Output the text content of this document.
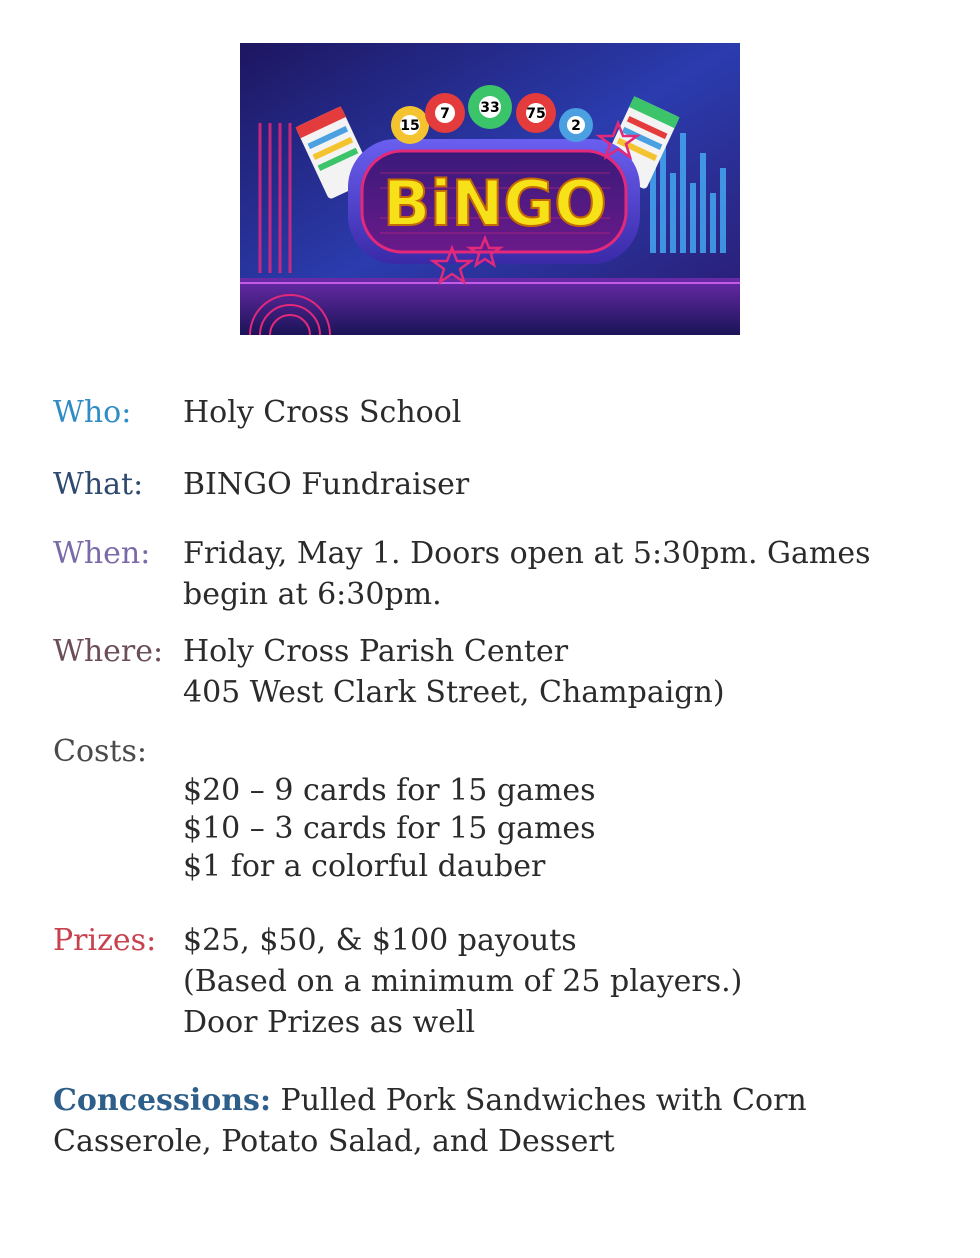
15
7 33 75
2
BiNGO
Who: Holy Cross School
What: BINGO Fundraiser
When: Friday, May 1. Doors open at 5:30pm. Games
begin at 6:30pm.
Where: Holy Cross Parish Center
405 West Clark Street, Champaign)
Costs:
$20 – 9 cards for 15 games
$10 – 3 cards for 15 games
$1 for a colorful dauber
Prizes: $25, $50, & $100 payouts
(Based on a minimum of 25 players.)
Door Prizes as well
Concessions: Pulled Pork Sandwiches with Corn Casserole, Potato Salad, and Dessert
